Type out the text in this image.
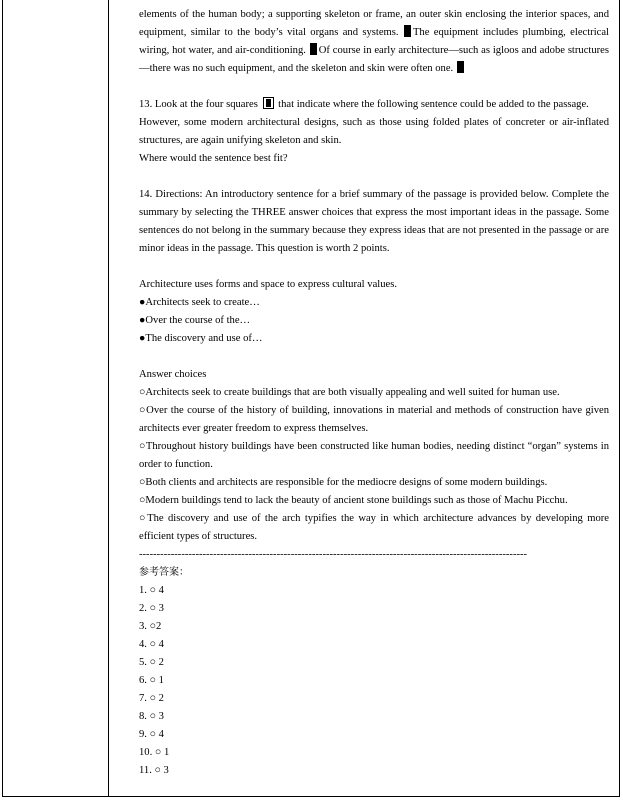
elements of the human body; a supporting skeleton or frame, an outer skin enclosing the interior spaces, and equipment, similar to the body’s vital organs and systems. The equipment includes plumbing, electrical wiring, hot water, and air-conditioning. Of course in early architecture—such as igloos and adobe structures—there was no such equipment, and the skeleton and skin were often one.

13. Look at the four squares that indicate where the following sentence could be added to the passage.

However, some modern architectural designs, such as those using folded plates of concreter or air-inflated structures, are again unifying skeleton and skin.

Where would the sentence best fit?

14. Directions: An introductory sentence for a brief summary of the passage is provided below. Complete the summary by selecting the THREE answer choices that express the most important ideas in the passage. Some sentences do not belong in the summary because they express ideas that are not presented in the passage or are minor ideas in the passage. This question is worth 2 points.

Architecture uses forms and space to express cultural values.

●Architects seek to create…

●Over the course of the…

●The discovery and use of…

Answer choices

○Architects seek to create buildings that are both visually appealing and well suited for human use.

○Over the course of the history of building, innovations in material and methods of construction have given architects ever greater freedom to express themselves.

○Throughout history buildings have been constructed like human bodies, needing distinct “organ” systems in order to function.

○Both clients and architects are responsible for the mediocre designs of some modern buildings.

○Modern buildings tend to lack the beauty of ancient stone buildings such as those of Machu Picchu.

○The discovery and use of the arch typifies the way in which architecture advances by developing more efficient types of structures.

--------------------------------------------------------------------------------------------------------------

参考答案：

1. ○ 4

2. ○ 3

3. ○2

4. ○ 4

5. ○ 2

6. ○ 1

7. ○ 2

8. ○ 3

9. ○ 4

10. ○ 1

11. ○ 3
